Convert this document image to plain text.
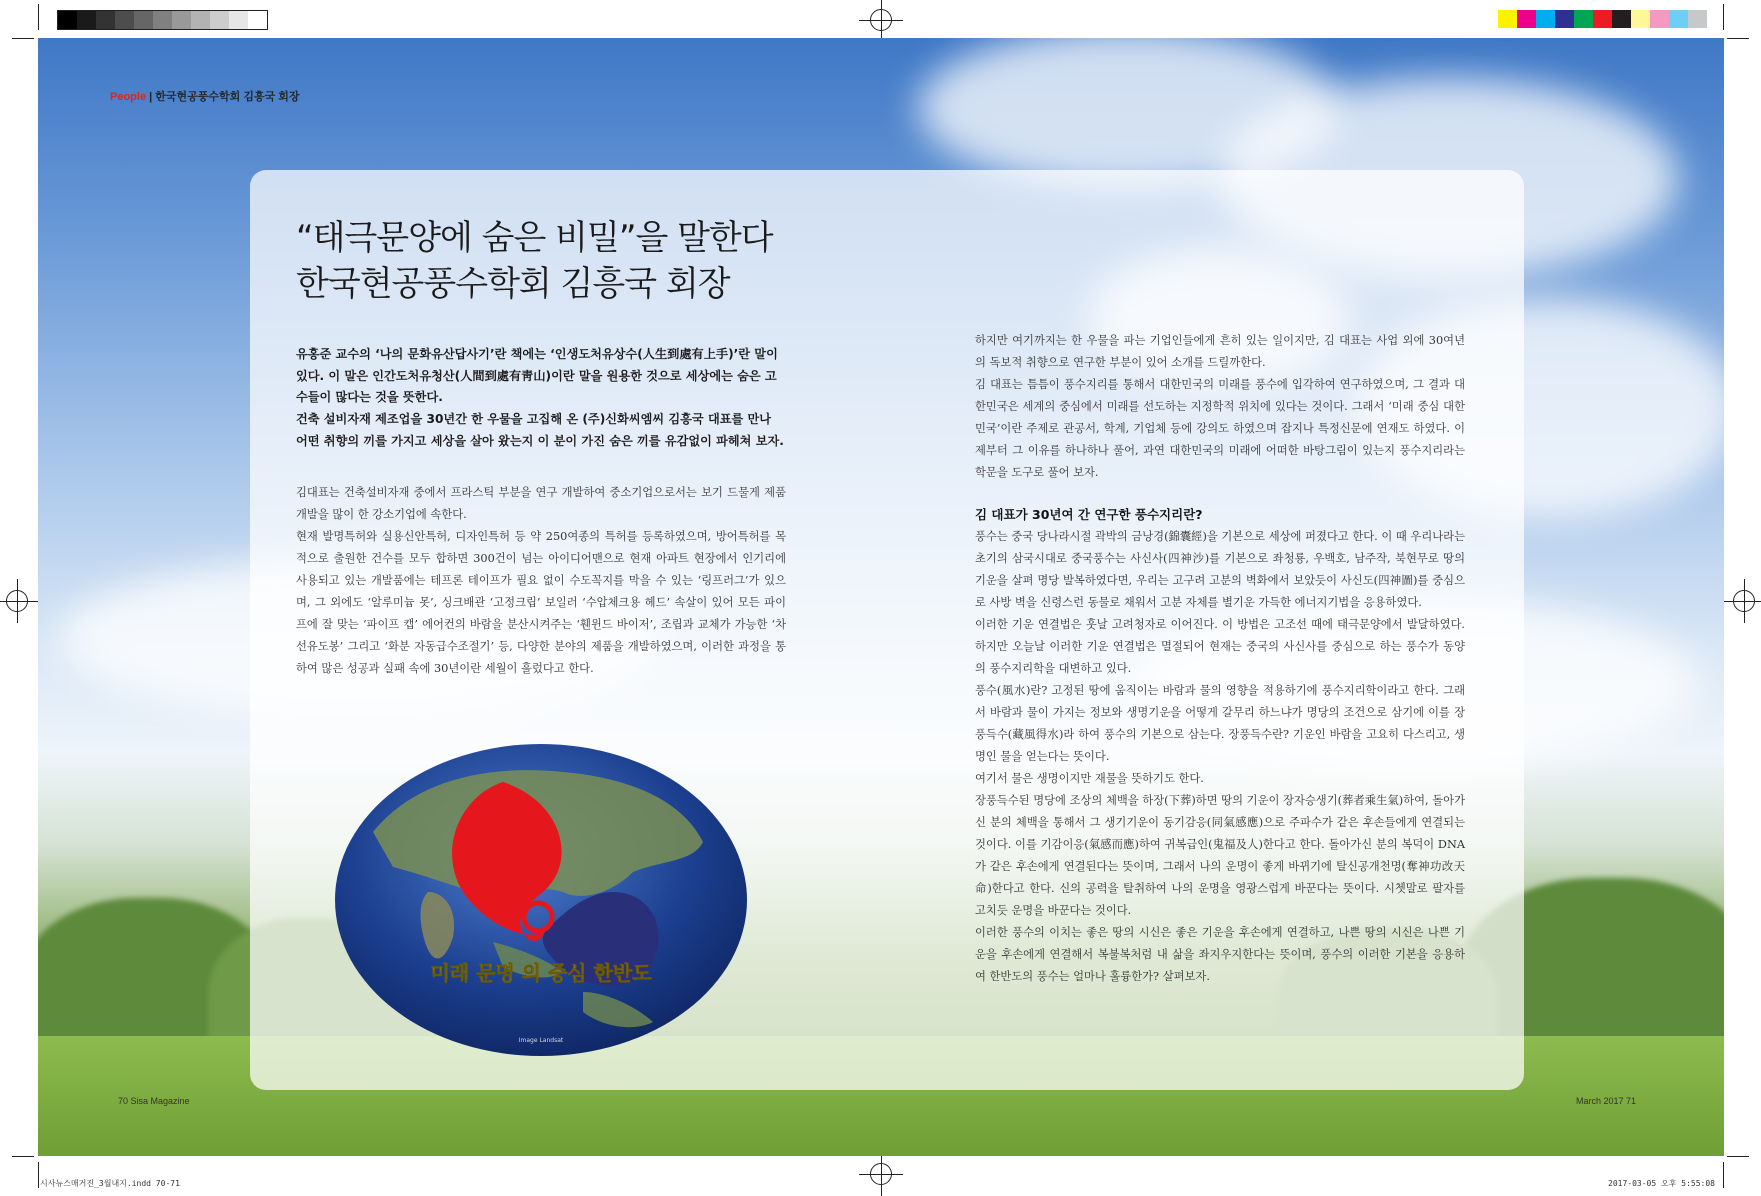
People | 한국현공풍수학회 김흥국 회장
“태극문양에 숨은 비밀”을 말한다
한국현공풍수학회 김흥국 회장

유홍준 교수의 ‘나의 문화유산답사기’란 책에는 ‘인생도처유상수(人生到處有上手)’란 말이 있다. 이 말은 인간도처유청산(人間到處有靑山)이란 말을 원용한 것으로 세상에는 숨은 고수들이 많다는 것을 뜻한다.
건축 설비자재 제조업을 30년간 한 우물을 고집해 온 (주)신화씨엠씨 김흥국 대표를 만나 어떤 취향의 끼를 가지고 세상을 살아 왔는지 이 분이 가진 숨은 끼를 유감없이 파헤쳐 보자.

김대표는 건축설비자재 중에서 프라스틱 부분을 연구 개발하여 중소기업으로서는 보기 드물게 제품개발을 많이 한 강소기업에 속한다.

현재 발명특허와 실용신안특허, 디자인특허 등 약 250여종의 특허를 등록하였으며, 방어특허를 목적으로 출원한 건수를 모두 합하면 300건이 넘는 아이디어맨으로 현재 아파트 현장에서 인기리에 사용되고 있는 개발품에는 테프론 테이프가 필요 없이 수도꼭지를 막을 수 있는 ‘링프러그’가 있으며, 그 외에도 ‘알루미늄 못’, 싱크배관 ‘고정크립’ 보일러 ‘수압체크용 헤드’ 속살이 있어 모든 파이프에 잘 맞는 ‘파이프 캡’ 에어컨의 바람을 분산시켜주는 ‘휀윈드 바이저’, 조립과 교체가 가능한 ‘차선유도봉’ 그리고 ‘화분 자동급수조절기’ 등, 다양한 분야의 제품을 개발하였으며, 이러한 과정을 통하여 많은 성공과 실패 속에 30년이란 세월이 흘렀다고 한다.

미래 문명 의 중심 한반도
Image Landsat

하지만 여기까지는 한 우물을 파는 기업인들에게 흔히 있는 일이지만, 김 대표는 사업 외에 30여년의 독보적 취향으로 연구한 부분이 있어 소개를 드릴까한다.

김 대표는 틈틈이 풍수지리를 통해서 대한민국의 미래를 풍수에 입각하여 연구하였으며, 그 결과 대한민국은 세계의 중심에서 미래를 선도하는 지정학적 위치에 있다는 것이다. 그래서 ‘미래 중심 대한민국’이란 주제로 관공서, 학계, 기업체 등에 강의도 하였으며 잡지나 특정신문에 연재도 하였다. 이제부터 그 이유를 하나하나 풀어, 과연 대한민국의 미래에 어떠한 바탕그림이 있는지 풍수지리라는 학문을 도구로 풀어 보자.

김 대표가 30년여 간 연구한 풍수지리란?

풍수는 중국 당나라시절 곽박의 금낭경(錦囊經)을 기본으로 세상에 퍼졌다고 한다. 이 때 우리나라는 초기의 삼국시대로 중국풍수는 사신사(四神沙)를 기본으로 좌청룡, 우백호, 남주작, 북현무로 땅의 기운을 살펴 명당 발복하였다면, 우리는 고구려 고분의 벽화에서 보았듯이 사신도(四神圖)를 중심으로 사방 벽을 신령스런 동물로 채워서 고분 자체를 별기운 가득한 에너지기법을 응용하였다.

이러한 기운 연결법은 훗날 고려청자로 이어진다. 이 방법은 고조선 때에 태극문양에서 발달하였다. 하지만 오늘날 이러한 기운 연결법은 멸절되어 현재는 중국의 사신사를 중심으로 하는 풍수가 동양의 풍수지리학을 대변하고 있다.

풍수(風水)란? 고정된 땅에 움직이는 바람과 물의 영향을 적용하기에 풍수지리학이라고 한다. 그래서 바람과 물이 가지는 정보와 생명기운을 어떻게 갈무리 하느냐가 명당의 조건으로 삼기에 이를 장풍득수(藏風得水)라 하여 풍수의 기본으로 삼는다. 장풍득수란? 기운인 바람을 고요히 다스리고, 생명인 물을 얻는다는 뜻이다.

여기서 물은 생명이지만 재물을 뜻하기도 한다.

장풍득수된 명당에 조상의 체백을 하장(下葬)하면 땅의 기운이 장자승생기(葬者乘生氣)하여, 돌아가신 분의 체백을 통해서 그 생기기운이 동기감응(同氣感應)으로 주파수가 같은 후손들에게 연결되는 것이다. 이를 기감이응(氣感而應)하여 귀복급인(鬼福及人)한다고 한다. 돌아가신 분의 복덕이 DNA가 같은 후손에게 연결된다는 뜻이며, 그래서 나의 운명이 좋게 바뀌기에 탈신공개천명(奪神功改天命)한다고 한다. 신의 공력을 탈취하여 나의 운명을 영광스럽게 바꾼다는 뜻이다. 시쳇말로 팔자를 고치듯 운명을 바꾼다는 것이다.

이러한 풍수의 이치는 좋은 땅의 시신은 좋은 기운을 후손에게 연결하고, 나쁜 땅의 시신은 나쁜 기운을 후손에게 연결해서 복불복처럼 내 삶을 좌지우지한다는 뜻이며, 풍수의 이러한 기본을 응용하여 한반도의 풍수는 얼마나 훌륭한가? 살펴보자.

70 Sisa Magazine	March 2017 71
시사뉴스매거진_3월내지.indd 70-71	2017-03-05 오후 5:55:08
